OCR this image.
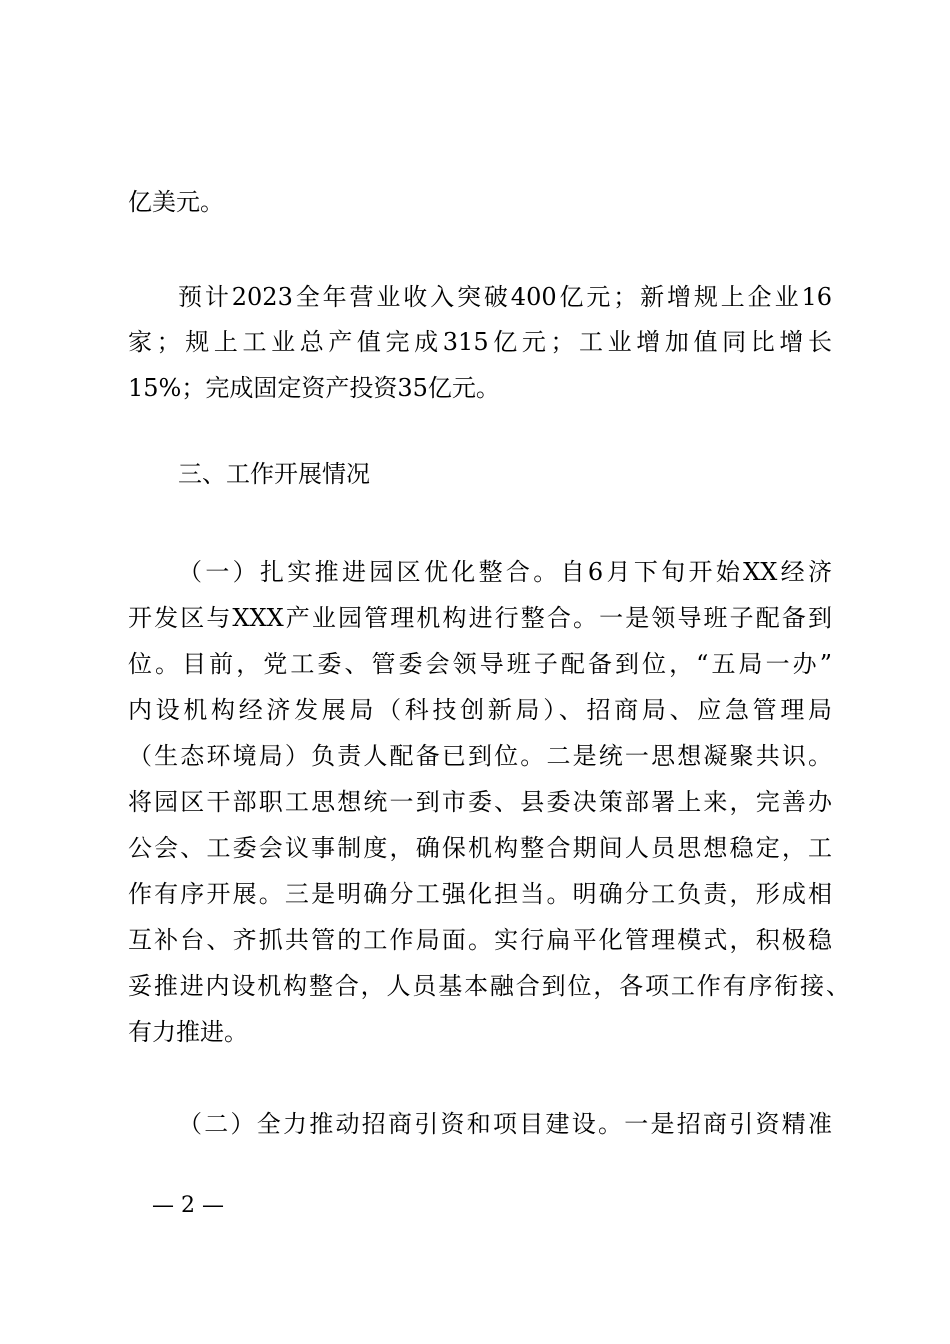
亿美元。
预计2023全年营业收入突破400亿元；新增规上企业16
家；规上工业总产值完成315亿元；工业增加值同比增长
15%；完成固定资产投资35亿元。
三、工作开展情况
（一）扎实推进园区优化整合。自6月下旬开始XX经济
开发区与XXX产业园管理机构进行整合。一是领导班子配备到
位。目前，党工委、管委会领导班子配备到位，“五局一办”
内设机构经济发展局（科技创新局）、招商局、应急管理局
（生态环境局）负责人配备已到位。二是统一思想凝聚共识。
将园区干部职工思想统一到市委、县委决策部署上来，完善办
公会、工委会议事制度，确保机构整合期间人员思想稳定，工
作有序开展。三是明确分工强化担当。明确分工负责，形成相
互补台、齐抓共管的工作局面。实行扁平化管理模式，积极稳
妥推进内设机构整合，人员基本融合到位，各项工作有序衔接、
有力推进。
（二）全力推动招商引资和项目建设。一是招商引资精准
— 2 —
